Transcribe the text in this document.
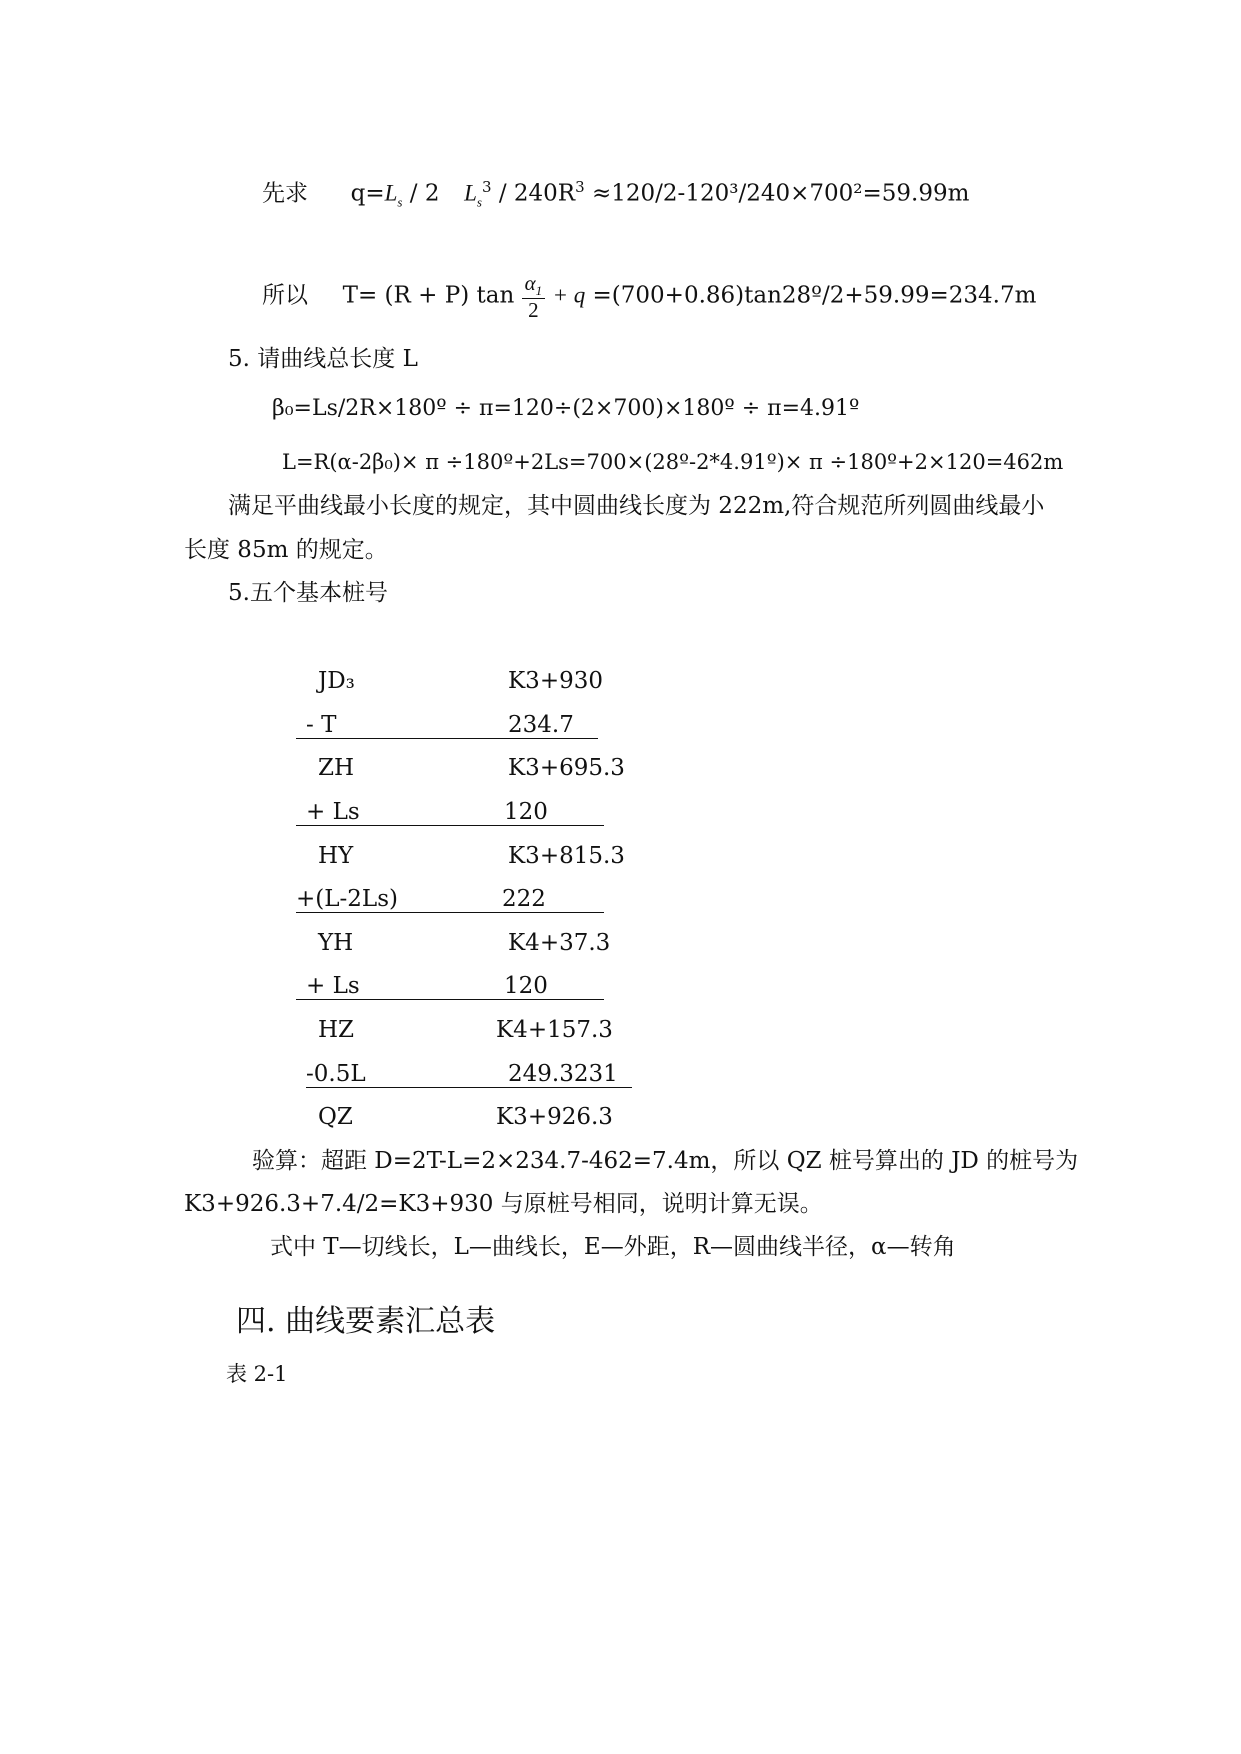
先求 $q=L_s / 2$ $L_s^3 / 240R^3 \approx 120/2-120^3/240\times 700^2=59.99m$
所以 T= (R + P) $\tan \frac{\alpha_1}{2} + q$ =(700+0.86)tan28º/2+59.99=234.7m
5. 请曲线总长度 L
β₀=Ls/2R×180º ÷ π=120÷(2×700)×180º ÷ π=4.91º
L=R(α-2β₀)× π ÷180º+2Ls=700×(28º-2*4.91º)× π ÷180º+2×120=462m
满足平曲线最小长度的规定，其中圆曲线长度为 222m,符合规范所列圆曲线最小
长度 85m 的规定。
5.五个基本桩号
JD₃	K3+930
- T	234.7
ZH	K3+695.3
+ Ls	120
HY	K3+815.3
+(L-2Ls)	222
YH	K4+37.3
+ Ls	120
HZ	K4+157.3
-0.5L	249.3231
QZ	K3+926.3
验算：超距 D=2T-L=2×234.7-462=7.4m，所以 QZ 桩号算出的 JD 的桩号为
K3+926.3+7.4/2=K3+930 与原桩号相同，说明计算无误。
式中 T—切线长，L—曲线长，E—外距，R—圆曲线半径，α—转角
四. 曲线要素汇总表
表 2-1
